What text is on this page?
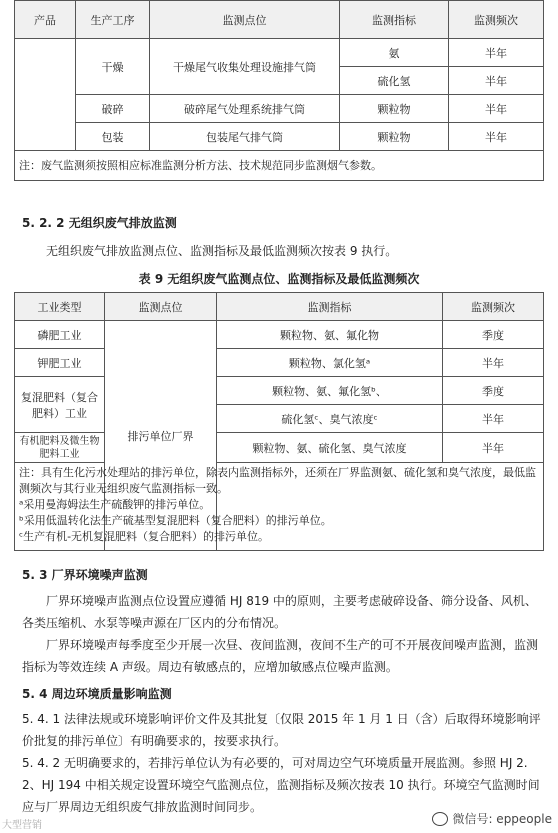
产品	生产工序	监测点位	监测指标	监测频次
	干燥	干燥尾气收集处理设施排气筒	氨	半年
			硫化氢	半年
	破碎	破碎尾气处理系统排气筒	颗粒物	半年
	包装	包装尾气排气筒	颗粒物	半年
注：废气监测须按照相应标准监测分析方法、技术规范同步监测烟气参数。				
5. 2. 2 无组织废气排放监测
无组织废气排放监测点位、监测指标及最低监测频次按表 9 执行。
表 9 无组织废气监测点位、监测指标及最低监测频次
工业类型	监测点位	监测指标	监测频次
磷肥工业	排污单位厂界	颗粒物、氨、氟化物	季度
钾肥工业		颗粒物、氯化氢ᵃ	半年
复混肥料（复合肥料）工业		颗粒物、氨、氟化氢ᵇ、	季度
		硫化氢ᶜ、臭气浓度ᶜ	半年
有机肥料及微生物肥料工业		颗粒物、氨、硫化氢、臭气浓度	半年

注：具有生化污水处理站的排污单位，除表内监测指标外，还须在厂界监测氨、硫化氢和臭气浓度，最低监测频次与其行业无组织废气监测指标一致。
ᵃ采用曼海姆法生产硫酸钾的排污单位。
ᵇ采用低温转化法生产硫基型复混肥料（复合肥料）的排污单位。
ᶜ生产有机-无机复混肥料（复合肥料）的排污单位。			
5. 3 厂界环境噪声监测
厂界环境噪声监测点位设置应遵循 HJ 819 中的原则，主要考虑破碎设备、筛分设备、风机、各类压缩机、水泵等噪声源在厂区内的分布情况。
厂界环境噪声每季度至少开展一次昼、夜间监测，夜间不生产的可不开展夜间噪声监测，监测指标为等效连续 A 声级。周边有敏感点的，应增加敏感点位噪声监测。
5. 4 周边环境质量影响监测
5. 4. 1 法律法规或环境影响评价文件及其批复〔仅限 2015 年 1 月 1 日（含）后取得环境影响评价批复的排污单位〕有明确要求的，按要求执行。
5. 4. 2 无明确要求的，若排污单位认为有必要的，可对周边空气环境质量开展监测。参照 HJ 2. 2、HJ 194 中相关规定设置环境空气监测点位，监测指标及频次按表 10 执行。环境空气监测时间应与厂界周边无组织废气排放监测时间同步。
大型营销	微信号: eppeople
